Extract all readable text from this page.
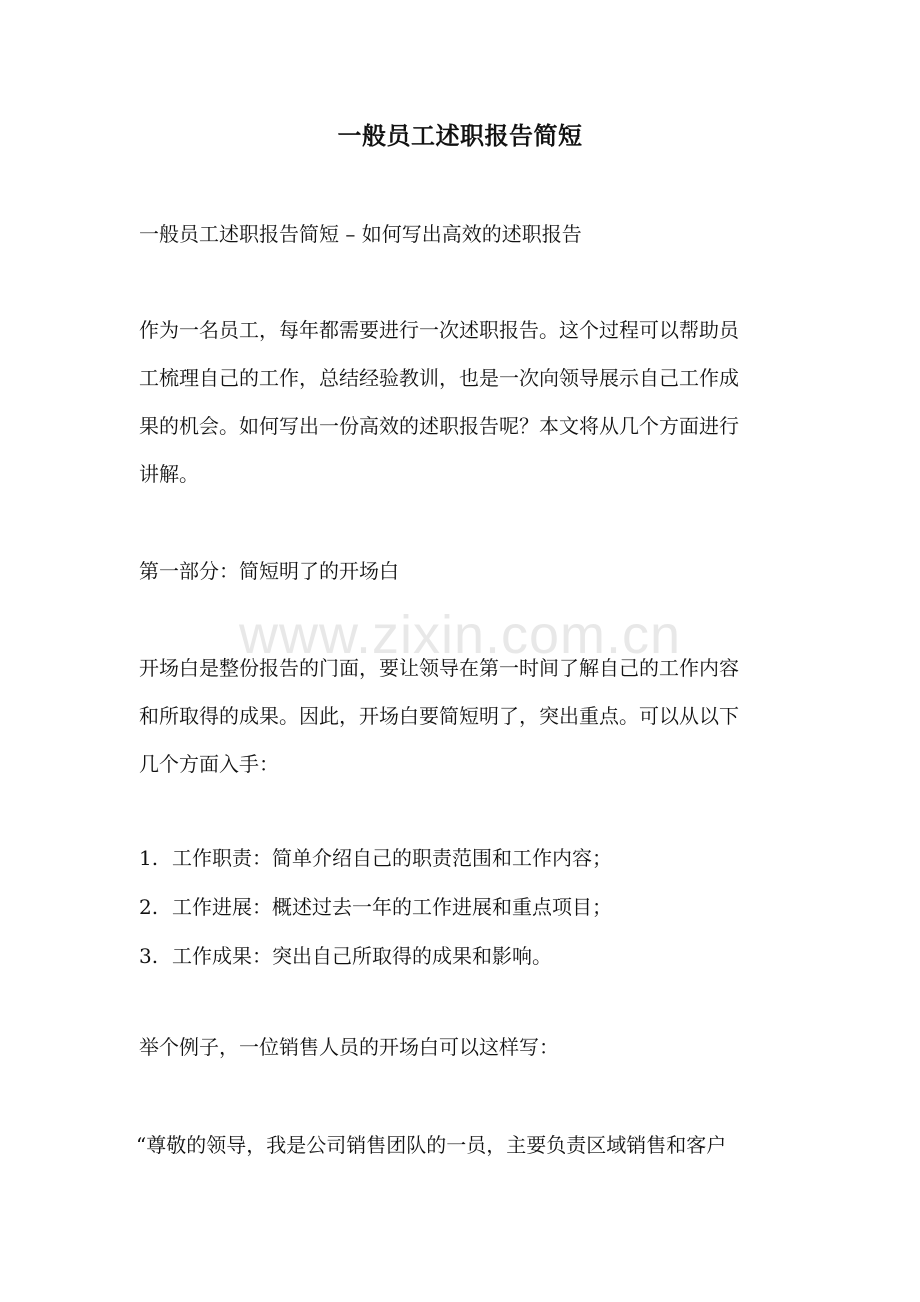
一般员工述职报告简短
一般员工述职报告简短 – 如何写出高效的述职报告
作为一名员工，每年都需要进行一次述职报告。这个过程可以帮助员
工梳理自己的工作，总结经验教训，也是一次向领导展示自己工作成
果的机会。如何写出一份高效的述职报告呢？本文将从几个方面进行
讲解。
第一部分：简短明了的开场白
www.zixin.com.cn
开场白是整份报告的门面，要让领导在第一时间了解自己的工作内容
和所取得的成果。因此，开场白要简短明了，突出重点。可以从以下
几个方面入手：
1. 工作职责：简单介绍自己的职责范围和工作内容；
2. 工作进展：概述过去一年的工作进展和重点项目；
3. 工作成果：突出自己所取得的成果和影响。
举个例子，一位销售人员的开场白可以这样写：
“尊敬的领导，我是公司销售团队的一员，主要负责区域销售和客户
